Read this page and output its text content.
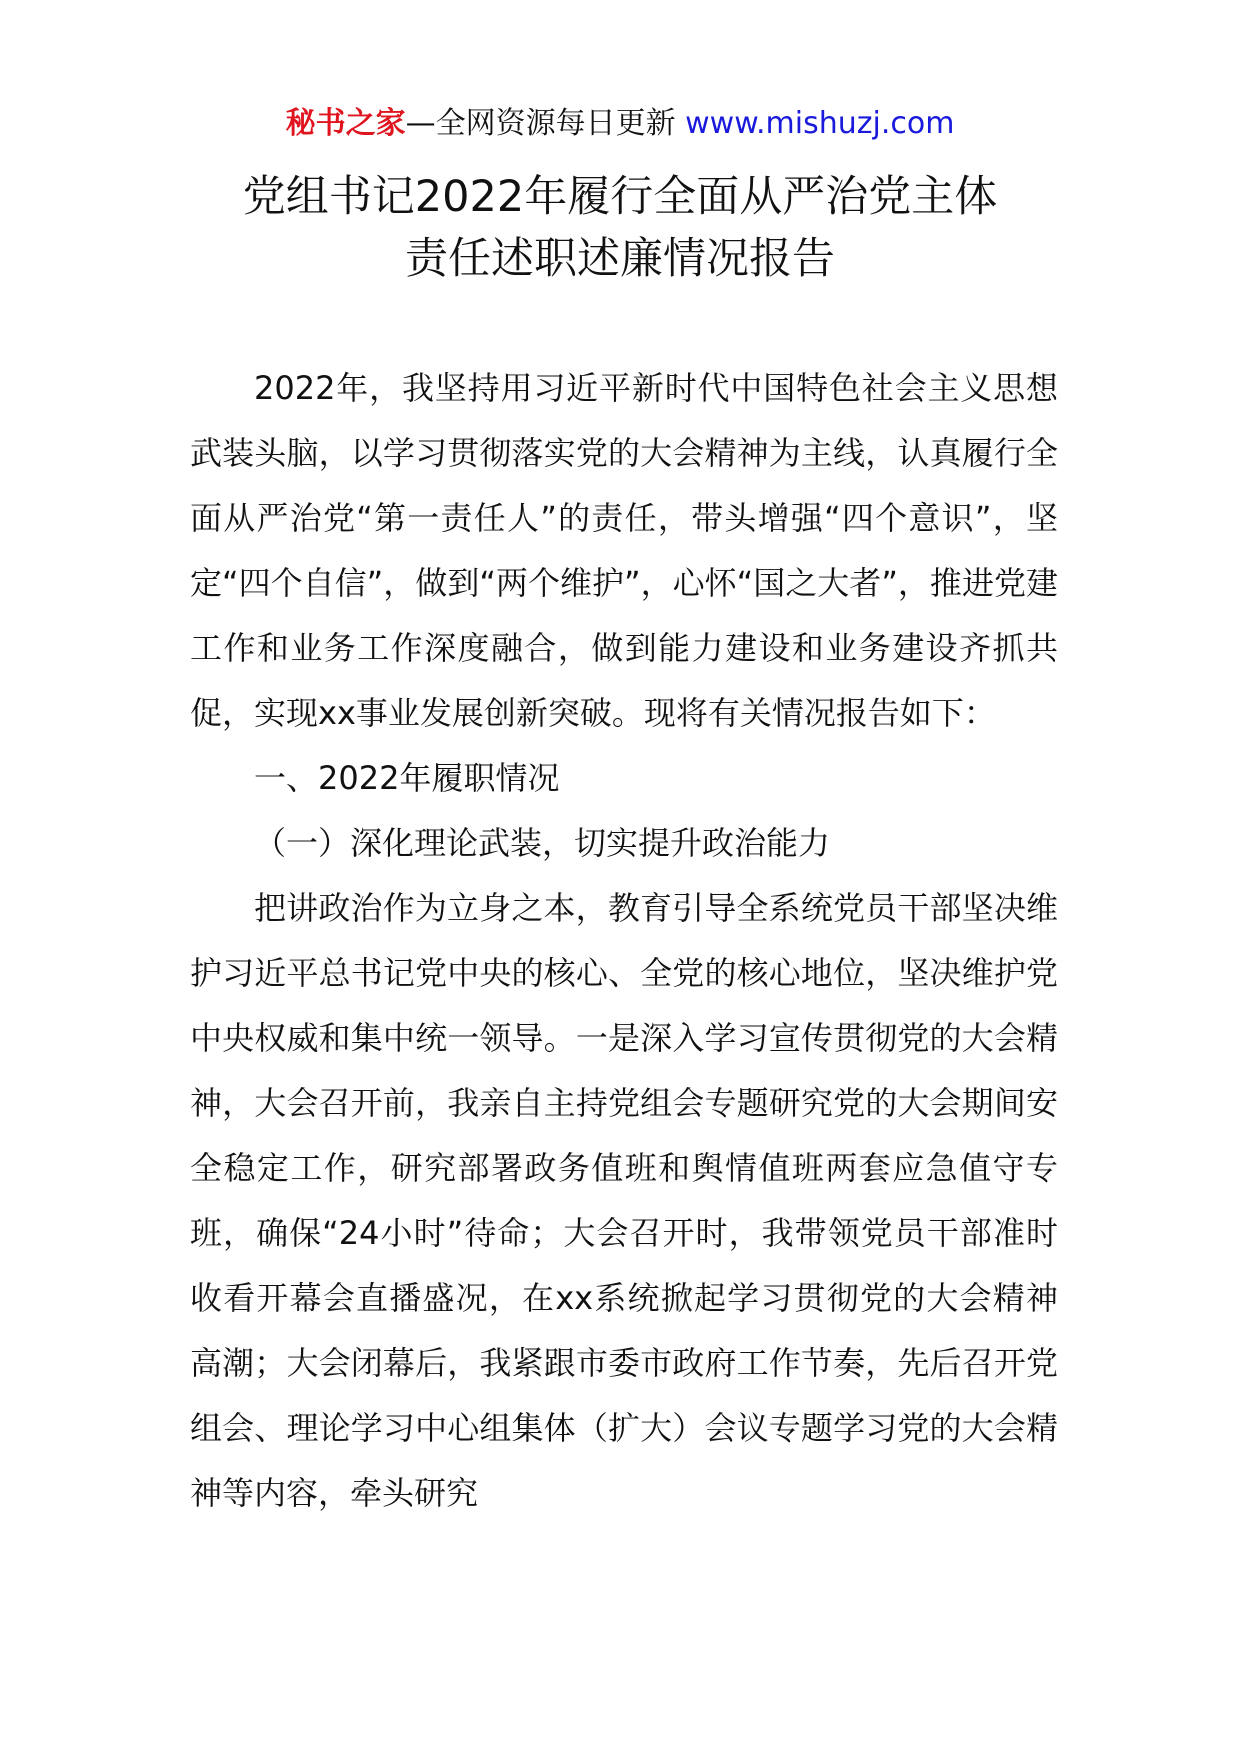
秘书之家—全网资源每日更新 www.mishuzj.com
党组书记2022年履行全面从严治党主体
责任述职述廉情况报告

2022年，我坚持用习近平新时代中国特色社会主义思想武装头脑，以学习贯彻落实党的大会精神为主线，认真履行全面从严治党“第一责任人”的责任，带头增强“四个意识”，坚定“四个自信”，做到“两个维护”，心怀“国之大者”，推进党建工作和业务工作深度融合，做到能力建设和业务建设齐抓共促，实现xx事业发展创新突破。现将有关情况报告如下：

一、2022年履职情况

（一）深化理论武装，切实提升政治能力

把讲政治作为立身之本，教育引导全系统党员干部坚决维护习近平总书记党中央的核心、全党的核心地位，坚决维护党中央权威和集中统一领导。一是深入学习宣传贯彻党的大会精神，大会召开前，我亲自主持党组会专题研究党的大会期间安全稳定工作，研究部署政务值班和舆情值班两套应急值守专班，确保“24小时”待命；大会召开时，我带领党员干部准时收看开幕会直播盛况，在xx系统掀起学习贯彻党的大会精神高潮；大会闭幕后，我紧跟市委市政府工作节奏，先后召开党组会、理论学习中心组集体（扩大）会议专题学习党的大会精神等内容，牵头研究
